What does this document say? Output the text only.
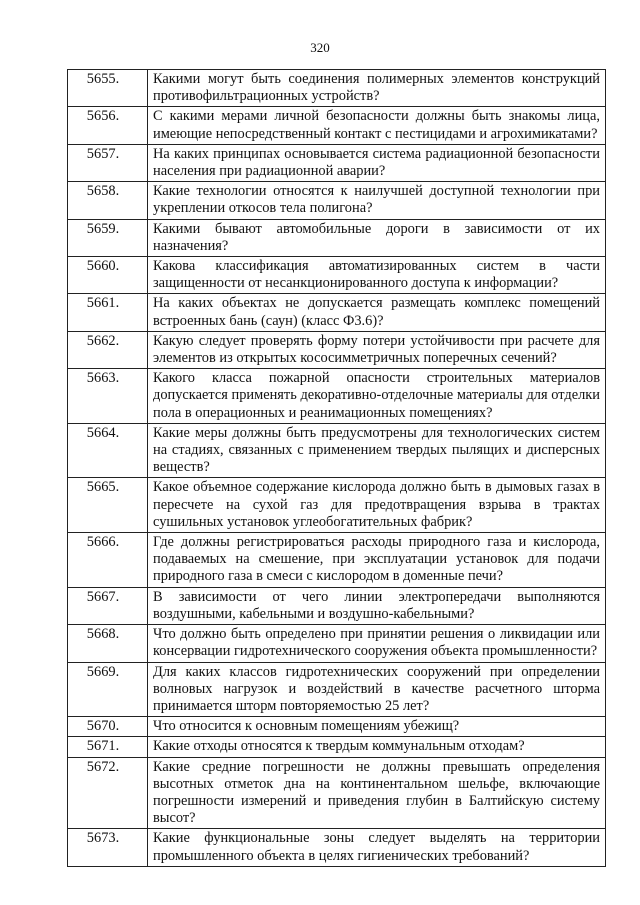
320
5655.	Какими могут быть соединения полимерных элементов конструкций противофильтрационных устройств?
5656.	С какими мерами личной безопасности должны быть знакомы лица, имеющие непосредственный контакт с пестицидами и агрохимикатами?
5657.	На каких принципах основывается система радиационной безопасности населения при радиационной аварии?
5658.	Какие технологии относятся к наилучшей доступной технологии при укреплении откосов тела полигона?
5659.	Какими бывают автомобильные дороги в зависимости от их назначения?
5660.	Какова классификация автоматизированных систем в части защищенности от несанкционированного доступа к информации?
5661.	На каких объектах не допускается размещать комплекс помещений встроенных бань (саун) (класс Ф3.6)?
5662.	Какую следует проверять форму потери устойчивости при расчете для элементов из открытых кососимметричных поперечных сечений?
5663.	Какого класса пожарной опасности строительных материалов допускается применять декоративно-отделочные материалы для отделки пола в операционных и реанимационных помещениях?
5664.	Какие меры должны быть предусмотрены для технологических систем на стадиях, связанных с применением твердых пылящих и дисперсных веществ?
5665.	Какое объемное содержание кислорода должно быть в дымовых газах в пересчете на сухой газ для предотвращения взрыва в трактах сушильных установок углеобогатительных фабрик?
5666.	Где должны регистрироваться расходы природного газа и кислорода, подаваемых на смешение, при эксплуатации установок для подачи природного газа в смеси с кислородом в доменные печи?
5667.	В зависимости от чего линии электропередачи выполняются воздушными, кабельными и воздушно-кабельными?
5668.	Что должно быть определено при принятии решения о ликвидации или консервации гидротехнического сооружения объекта промышленности?
5669.	Для каких классов гидротехнических сооружений при определении волновых нагрузок и воздействий в качестве расчетного шторма принимается шторм повторяемостью 25 лет?
5670.	Что относится к основным помещениям убежищ?
5671.	Какие отходы относятся к твердым коммунальным отходам?
5672.	Какие средние погрешности не должны превышать определения высотных отметок дна на континентальном шельфе, включающие погрешности измерений и приведения глубин в Балтийскую систему высот?
5673.	Какие функциональные зоны следует выделять на территории промышленного объекта в целях гигиенических требований?
